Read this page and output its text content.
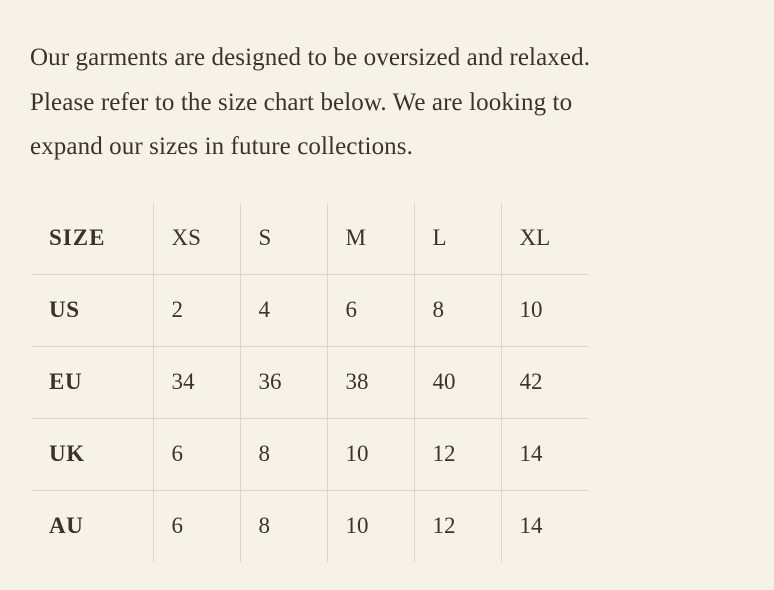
Our garments are designed to be oversized and relaxed.

Please refer to the size chart below. We are looking to

expand our sizes in future collections.

SIZE	XS	S	M	L	XL

US	2	4	6	8	10

EU	34	36	38	40	42

UK	6	8	10	12	14

AU	6	8	10	12	14
